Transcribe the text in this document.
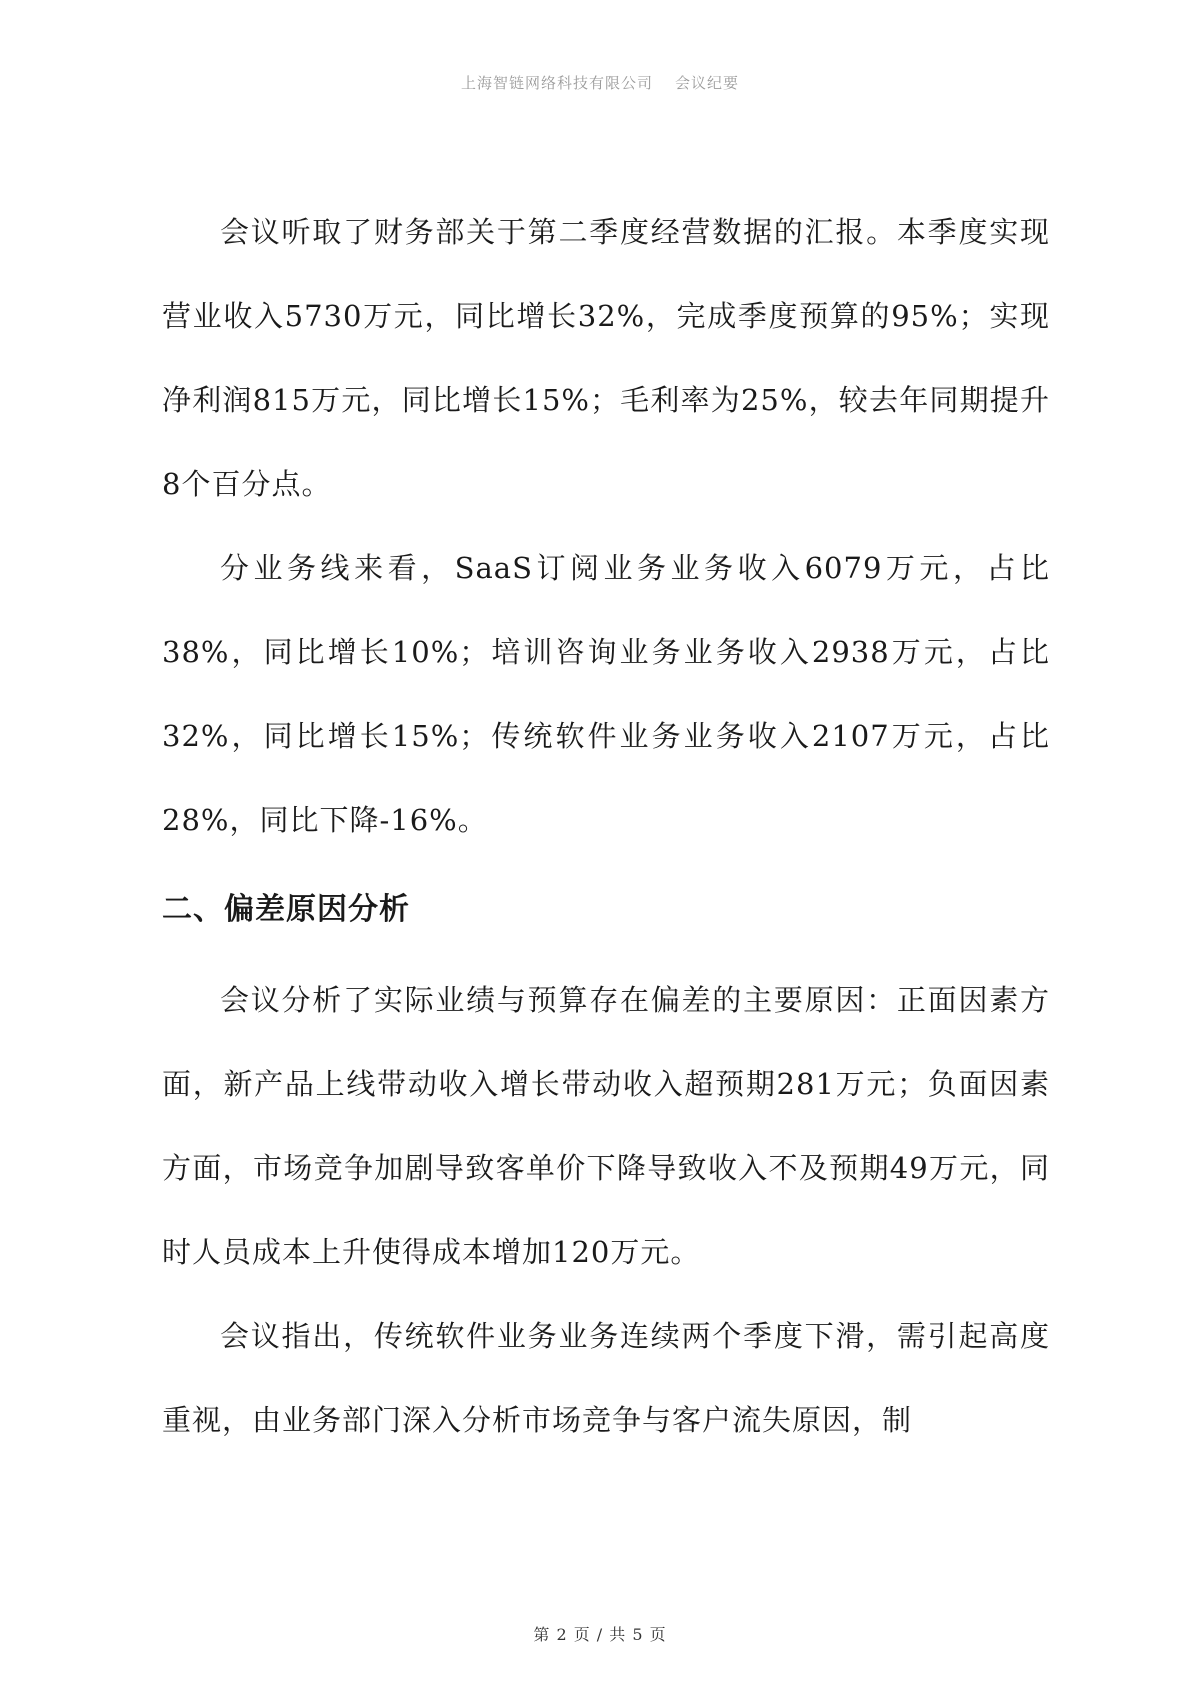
上海智链网络科技有限公司 会议纪要

会议听取了财务部关于第二季度经营数据的汇报。本季度实现营业收入5730万元，同比增长32%，完成季度预算的95%；实现净利润815万元，同比增长15%；毛利率为25%，较去年同期提升8个百分点。

分业务线来看，SaaS订阅业务业务收入6079万元，占比38%，同比增长10%；培训咨询业务业务收入2938万元，占比32%，同比增长15%；传统软件业务业务收入2107万元，占比28%，同比下降-16%。

二、偏差原因分析

会议分析了实际业绩与预算存在偏差的主要原因：正面因素方面，新产品上线带动收入增长带动收入超预期281万元；负面因素方面，市场竞争加剧导致客单价下降导致收入不及预期49万元，同时人员成本上升使得成本增加120万元。

会议指出，传统软件业务业务连续两个季度下滑，需引起高度重视，由业务部门深入分析市场竞争与客户流失原因，制

第 2 页 / 共 5 页
